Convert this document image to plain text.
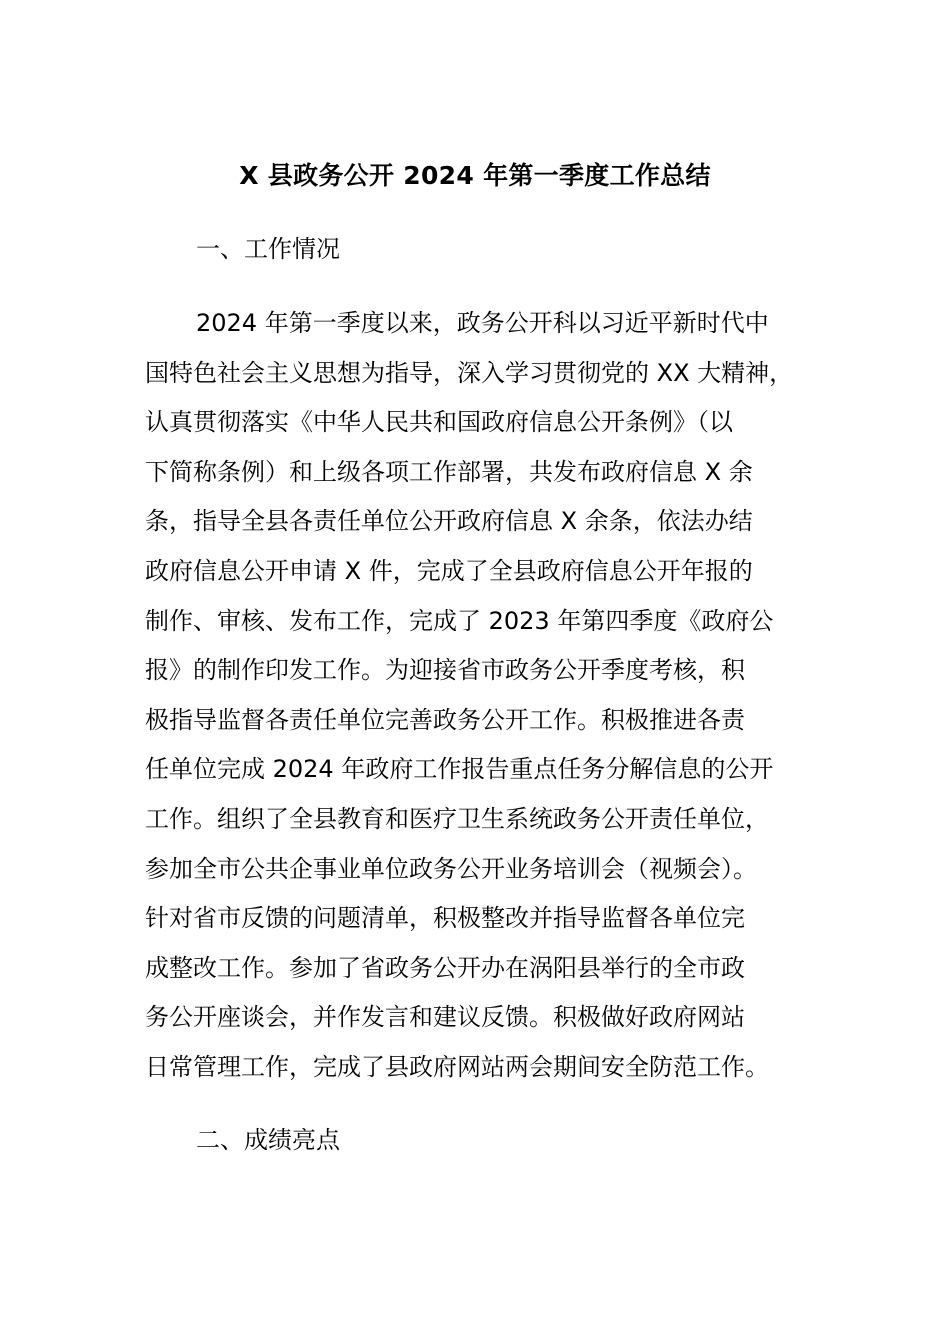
X 县政务公开 2024 年第一季度工作总结
一、工作情况
2024 年第一季度以来，政务公开科以习近平新时代中
国特色社会主义思想为指导，深入学习贯彻党的 XX 大精神，
认真贯彻落实《中华人民共和国政府信息公开条例》（以
下简称条例）和上级各项工作部署，共发布政府信息 X 余
条，指导全县各责任单位公开政府信息 X 余条，依法办结
政府信息公开申请 X 件，完成了全县政府信息公开年报的
制作、审核、发布工作，完成了 2023 年第四季度《政府公
报》的制作印发工作。为迎接省市政务公开季度考核，积
极指导监督各责任单位完善政务公开工作。积极推进各责
任单位完成 2024 年政府工作报告重点任务分解信息的公开
工作。组织了全县教育和医疗卫生系统政务公开责任单位，
参加全市公共企事业单位政务公开业务培训会（视频会）。
针对省市反馈的问题清单，积极整改并指导监督各单位完
成整改工作。参加了省政务公开办在涡阳县举行的全市政
务公开座谈会，并作发言和建议反馈。积极做好政府网站
日常管理工作，完成了县政府网站两会期间安全防范工作。
二、成绩亮点
